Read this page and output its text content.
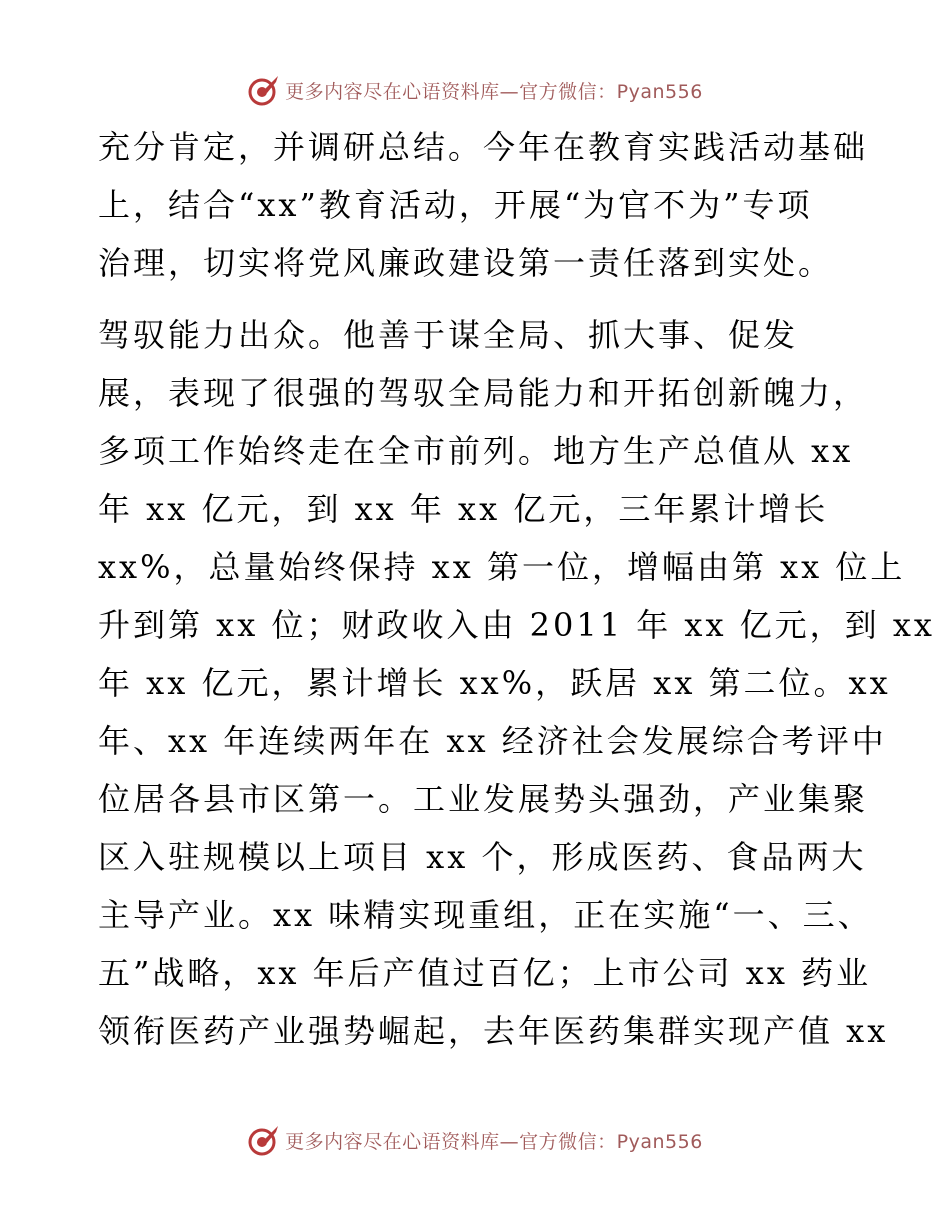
更多内容尽在心语资料库—官方微信：Pyan556
充分肯定，并调研总结。今年在教育实践活动基础
上，结合“xx”教育活动，开展“为官不为”专项
治理，切实将党风廉政建设第一责任落到实处。
驾驭能力出众。他善于谋全局、抓大事、促发
展，表现了很强的驾驭全局能力和开拓创新魄力，
多项工作始终走在全市前列。地方生产总值从 xx
年 xx 亿元，到 xx 年 xx 亿元，三年累计增长
xx%，总量始终保持 xx 第一位，增幅由第 xx 位上
升到第 xx 位；财政收入由 2011 年 xx 亿元，到 xx
年 xx 亿元，累计增长 xx%，跃居 xx 第二位。xx
年、xx 年连续两年在 xx 经济社会发展综合考评中
位居各县市区第一。工业发展势头强劲，产业集聚
区入驻规模以上项目 xx 个，形成医药、食品两大
主导产业。xx 味精实现重组，正在实施“一、三、
五”战略，xx 年后产值过百亿；上市公司 xx 药业
领衔医药产业强势崛起，去年医药集群实现产值 xx
更多内容尽在心语资料库—官方微信：Pyan556
